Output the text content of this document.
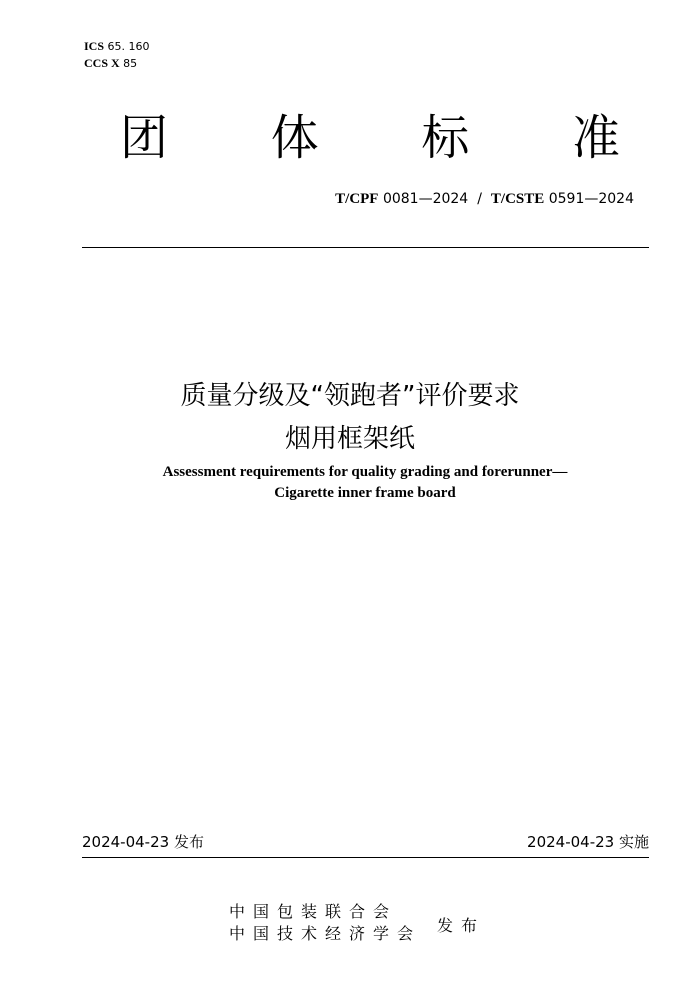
ICS 65. 160
CCS X 85
团 体 标 准
T/CPF 0081—2024 / T/CSTE 0591—2024
质量分级及“领跑者”评价要求
烟用框架纸
Assessment requirements for quality grading and forerunner—
Cigarette inner frame board
2024-04-23 发布	2024-04-23 实施
中国包装联合会
中国技术经济学会 发布
